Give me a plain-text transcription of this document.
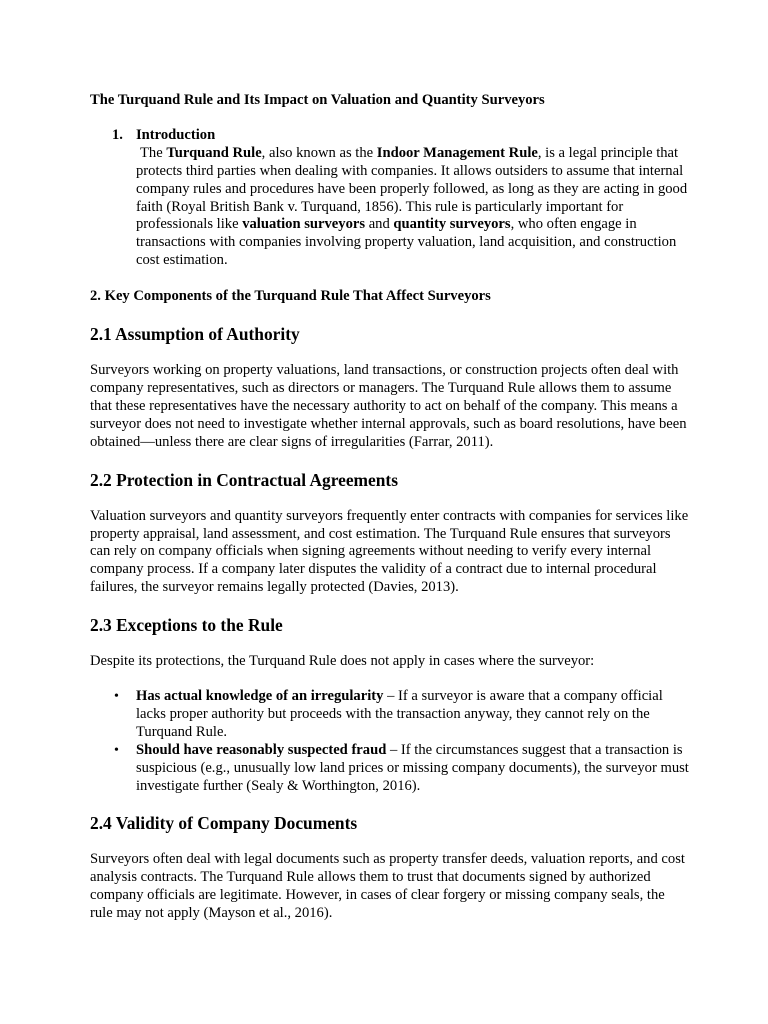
The Turquand Rule and Its Impact on Valuation and Quantity Surveyors
1. Introduction

The Turquand Rule, also known as the Indoor Management Rule, is a legal principle that protects third parties when dealing with companies. It allows outsiders to assume that internal company rules and procedures have been properly followed, as long as they are acting in good faith (Royal British Bank v. Turquand, 1856). This rule is particularly important for professionals like valuation surveyors and quantity surveyors, who often engage in transactions with companies involving property valuation, land acquisition, and construction cost estimation.

2. Key Components of the Turquand Rule That Affect Surveyors
2.1 Assumption of Authority
Surveyors working on property valuations, land transactions, or construction projects often deal with company representatives, such as directors or managers. The Turquand Rule allows them to assume that these representatives have the necessary authority to act on behalf of the company. This means a surveyor does not need to investigate whether internal approvals, such as board resolutions, have been obtained—unless there are clear signs of irregularities (Farrar, 2011).
2.2 Protection in Contractual Agreements
Valuation surveyors and quantity surveyors frequently enter contracts with companies for services like property appraisal, land assessment, and cost estimation. The Turquand Rule ensures that surveyors can rely on company officials when signing agreements without needing to verify every internal company process. If a company later disputes the validity of a contract due to internal procedural failures, the surveyor remains legally protected (Davies, 2013).
2.3 Exceptions to the Rule
Despite its protections, the Turquand Rule does not apply in cases where the surveyor:
• Has actual knowledge of an irregularity – If a surveyor is aware that a company official lacks proper authority but proceeds with the transaction anyway, they cannot rely on the Turquand Rule.
• Should have reasonably suspected fraud – If the circumstances suggest that a transaction is suspicious (e.g., unusually low land prices or missing company documents), the surveyor must investigate further (Sealy & Worthington, 2016).
2.4 Validity of Company Documents
Surveyors often deal with legal documents such as property transfer deeds, valuation reports, and cost analysis contracts. The Turquand Rule allows them to trust that documents signed by authorized company officials are legitimate. However, in cases of clear forgery or missing company seals, the rule may not apply (Mayson et al., 2016).
